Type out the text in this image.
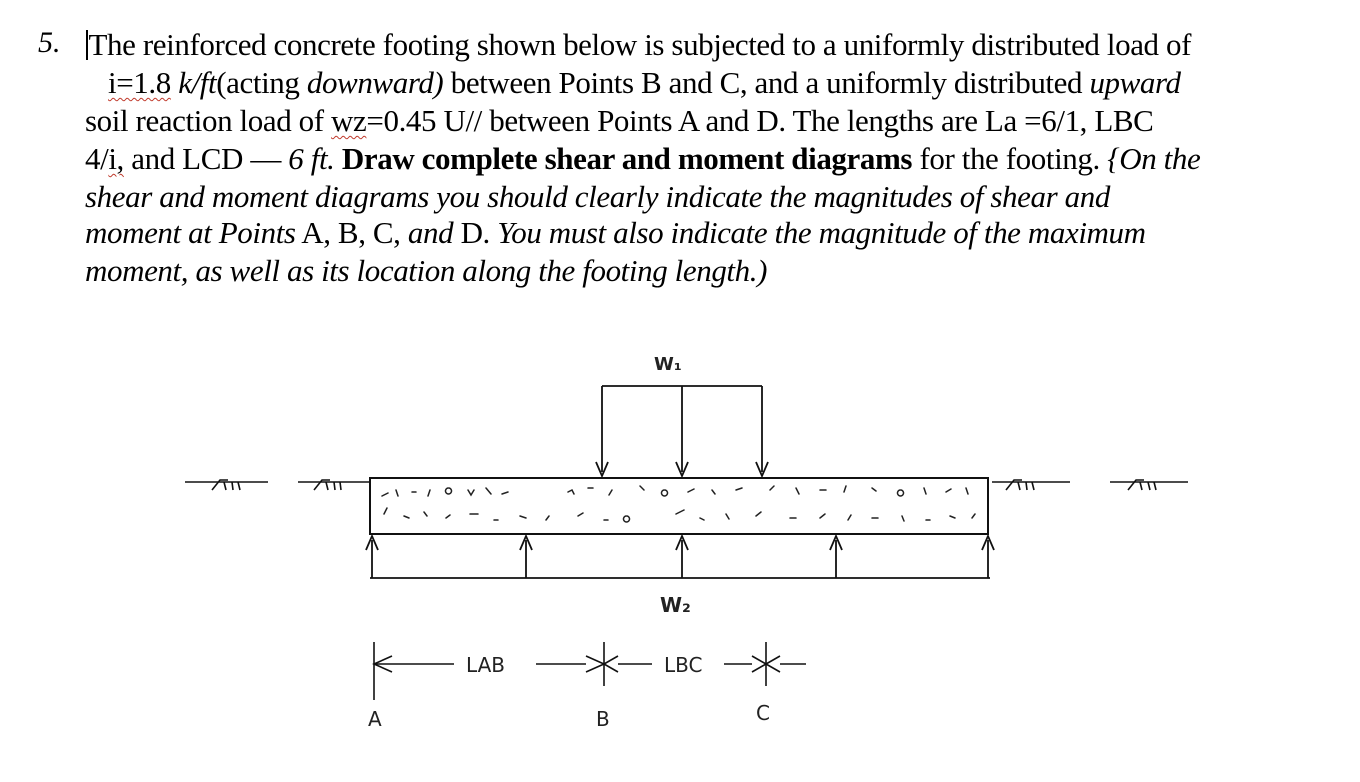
5. The reinforced concrete footing shown below is subjected to a uniformly distributed load of
i=1.8 k/ft(acting downward) between Points B and C, and a uniformly distributed upward
soil reaction load of wz=0.45 U// between Points A and D. The lengths are La =6/1, LBC
4/i, and LCD — 6 ft. Draw complete shear and moment diagrams for the footing. {On the
shear and moment diagrams you should clearly indicate the magnitudes of shear and
moment at Points A, B, C, and D. You must also indicate the magnitude of the maximum
moment, as well as its location along the footing length.)
W₁
W₂
LAB	LBC
A	B	C
